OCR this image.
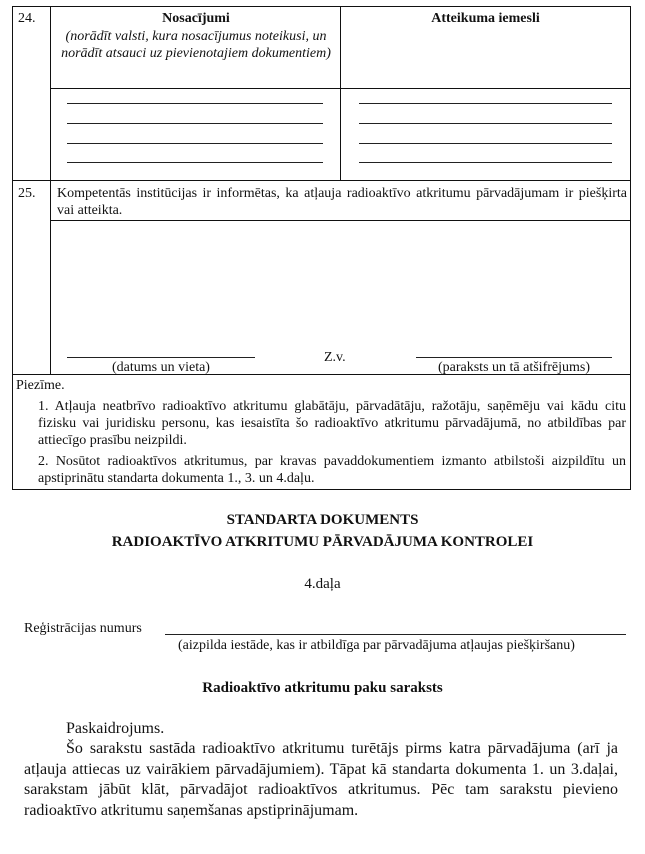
24.	Nosacījumi
(norādīt valsti, kura nosacījumus noteikusi, un norādīt atsauci uz pievienotajiem dokumentiem)
Atteikuma iemesli
25. Kompetentās institūcijas ir informētas, ka atļauja radioaktīvo atkritumu pārvadājumam ir piešķirta vai atteikta.
(datums un vieta)
Z.v.
(paraksts un tā atšifrējums)
Piezīme.
1. Atļauja neatbrīvo radioaktīvo atkritumu glabātāju, pārvadātāju, ražotāju, saņēmēju vai kādu citu fizisku vai juridisku personu, kas iesaistīta šo radioaktīvo atkritumu pārvadājumā, no atbildības par attiecīgo prasību neizpildi.
2. Nosūtot radioaktīvos atkritumus, par kravas pavaddokumentiem izmanto atbilstoši aizpildītu un apstiprinātu standarta dokumenta 1., 3. un 4.daļu.
STANDARTA DOKUMENTS
RADIOAKTĪVO ATKRITUMU PĀRVADĀJUMA KONTROLEI
4.daļa
Reģistrācijas numurs
(aizpilda iestāde, kas ir atbildīga par pārvadājuma atļaujas piešķiršanu)
Radioaktīvo atkritumu paku saraksts
Paskaidrojums.
Šo sarakstu sastāda radioaktīvo atkritumu turētājs pirms katra pārvadājuma (arī ja atļauja attiecas uz vairākiem pārvadājumiem). Tāpat kā standarta dokumenta 1. un 3.daļai, sarakstam jābūt klāt, pārvadājot radioaktīvos atkritumus. Pēc tam sarakstu pievieno radioaktīvo atkritumu saņemšanas apstiprinājumam.
